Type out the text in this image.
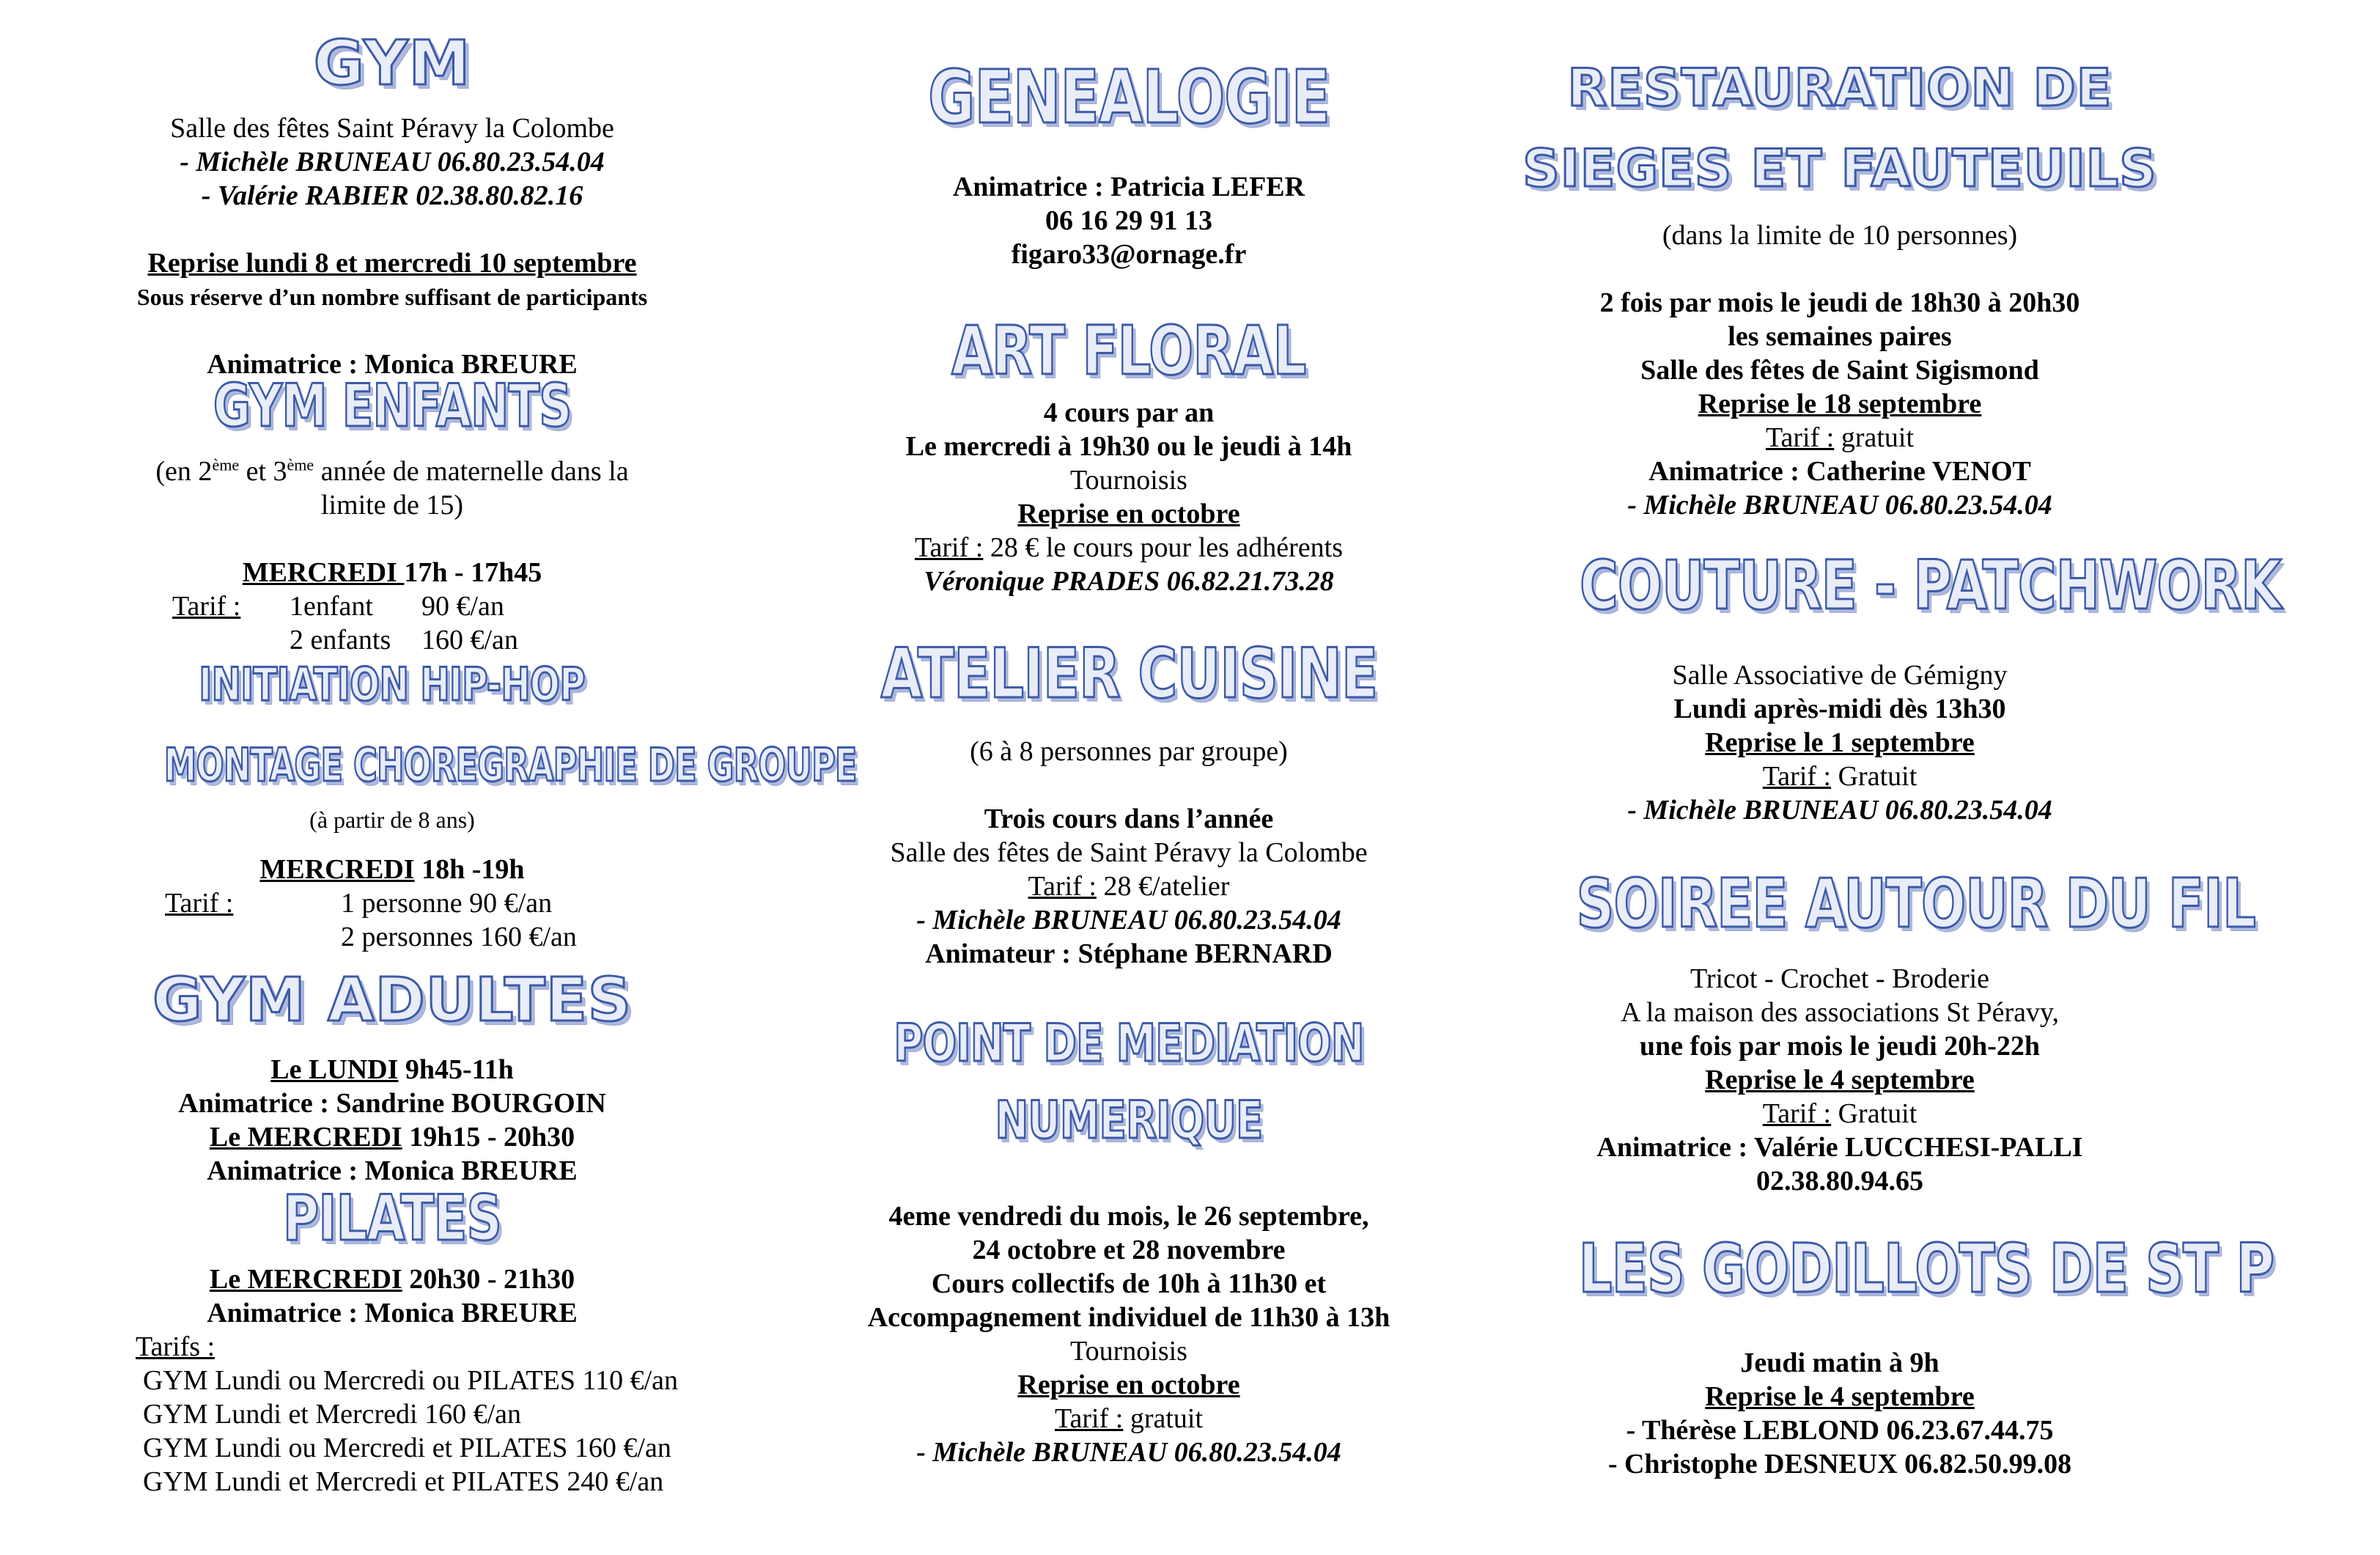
GYM
Salle des fêtes Saint Péravy la Colombe
- Michèle BRUNEAU 06.80.23.54.04
- Valérie RABIER 02.38.80.82.16
Reprise lundi 8 et mercredi 10 septembre
Sous réserve d’un nombre suffisant de participants
Animatrice : Monica BREURE
GYM ENFANTS
(en 2ème et 3ème année de maternelle dans la
limite de 15)
MERCREDI 17h - 17h45
Tarif : 1enfant 90 €/an
2 enfants 160 €/an
INITIATION HIP-HOP
MONTAGE CHOREGRAPHIE DE GROUPE
(à partir de 8 ans)
MERCREDI 18h -19h
Tarif :	1 personne 90 €/an
2 personnes 160 €/an
GYM ADULTES
Le LUNDI 9h45-11h
Animatrice : Sandrine BOURGOIN
Le MERCREDI 19h15 - 20h30
Animatrice : Monica BREURE
PILATES
Le MERCREDI 20h30 - 21h30
Animatrice : Monica BREURE
Tarifs :
GYM Lundi ou Mercredi ou PILATES 110 €/an
GYM Lundi et Mercredi 160 €/an
GYM Lundi ou Mercredi et PILATES 160 €/an
GYM Lundi et Mercredi et PILATES 240 €/an
GENEALOGIE
Animatrice : Patricia LEFER
06 16 29 91 13
figaro33@ornage.fr
ART FLORAL
4 cours par an
Le mercredi à 19h30 ou le jeudi à 14h
Tournoisis
Reprise en octobre
Tarif : 28 € le cours pour les adhérents
Véronique PRADES 06.82.21.73.28
ATELIER CUISINE
(6 à 8 personnes par groupe)
Trois cours dans l’année
Salle des fêtes de Saint Péravy la Colombe
Tarif : 28 €/atelier
- Michèle BRUNEAU 06.80.23.54.04
Animateur : Stéphane BERNARD
POINT DE MEDIATION
NUMERIQUE
4eme vendredi du mois, le 26 septembre,
24 octobre et 28 novembre
Cours collectifs de 10h à 11h30 et
Accompagnement individuel de 11h30 à 13h
Tournoisis
Reprise en octobre
Tarif : gratuit
- Michèle BRUNEAU 06.80.23.54.04
RESTAURATION DE
SIEGES ET FAUTEUILS
(dans la limite de 10 personnes)
2 fois par mois le jeudi de 18h30 à 20h30
les semaines paires
Salle des fêtes de Saint Sigismond
Reprise le 18 septembre
Tarif : gratuit
Animatrice : Catherine VENOT
- Michèle BRUNEAU 06.80.23.54.04
COUTURE - PATCHWORK
Salle Associative de Gémigny
Lundi après-midi dès 13h30
Reprise le 1 septembre
Tarif : Gratuit
- Michèle BRUNEAU 06.80.23.54.04
SOIREE AUTOUR DU FIL
Tricot - Crochet - Broderie
A la maison des associations St Péravy,
une fois par mois le jeudi 20h-22h
Reprise le 4 septembre
Tarif : Gratuit
Animatrice : Valérie LUCCHESI-PALLI
02.38.80.94.65
LES GODILLOTS DE ST P
Jeudi matin à 9h
Reprise le 4 septembre
- Thérèse LEBLOND 06.23.67.44.75
- Christophe DESNEUX 06.82.50.99.08
